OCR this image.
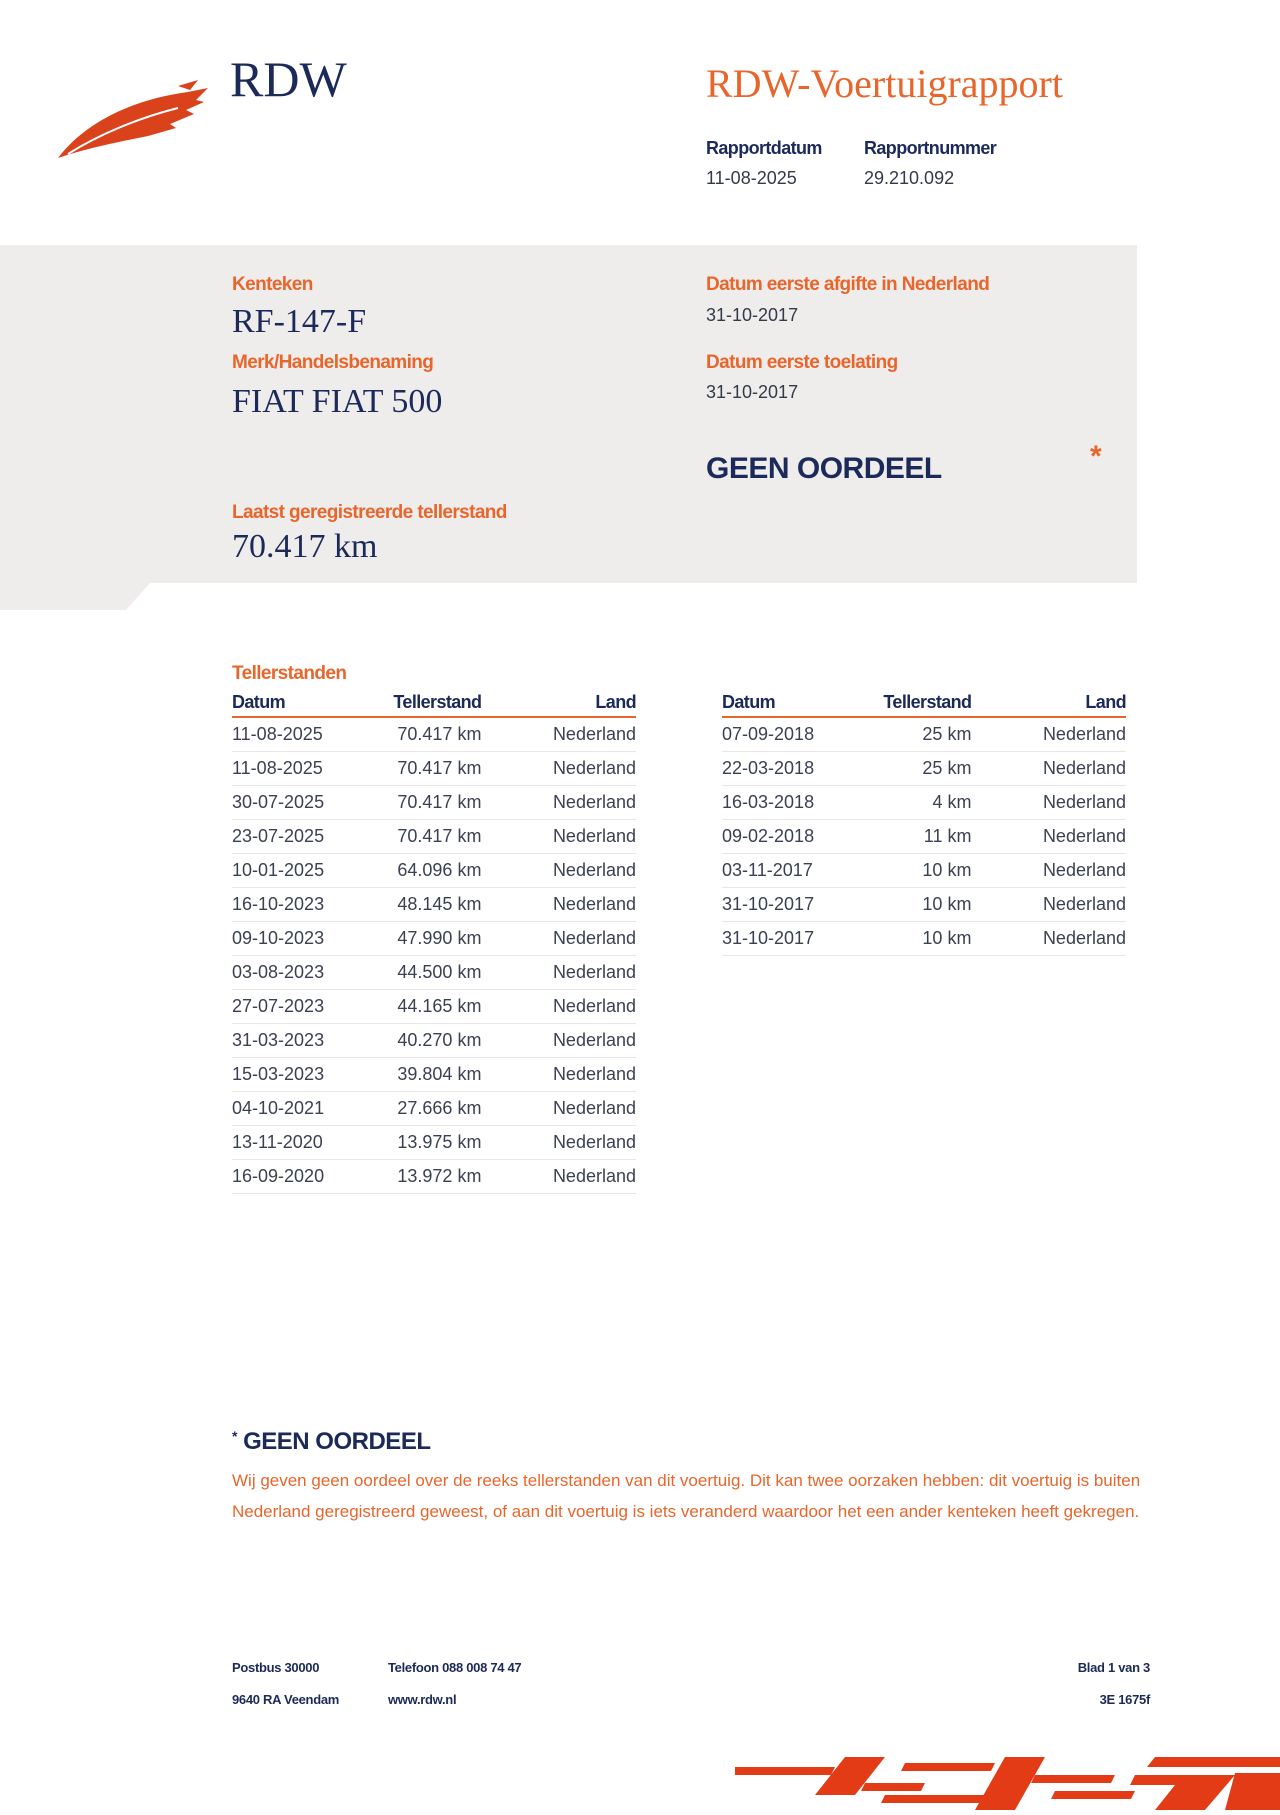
RDW	RDW-Voertuigrapport
Rapportdatum
11-08-2025
Rapportnummer
29.210.092
Kenteken
RF-147-F
Merk/Handelsbenaming
FIAT FIAT 500
Datum eerste afgifte in Nederland
31-10-2017
Datum eerste toelating
31-10-2017
GEEN OORDEEL	*
Laatst geregistreerde tellerstand
70.417 km
Tellerstanden
Datum	Tellerstand	Land
11-08-2025	70.417 km	Nederland
11-08-2025	70.417 km	Nederland
30-07-2025	70.417 km	Nederland
23-07-2025	70.417 km	Nederland
10-01-2025	64.096 km	Nederland
16-10-2023	48.145 km	Nederland
09-10-2023	47.990 km	Nederland
03-08-2023	44.500 km	Nederland
27-07-2023	44.165 km	Nederland
31-03-2023	40.270 km	Nederland
15-03-2023	39.804 km	Nederland
04-10-2021	27.666 km	Nederland
13-11-2020	13.975 km	Nederland
16-09-2020	13.972 km	Nederland
Datum	Tellerstand	Land
07-09-2018	25 km	Nederland
22-03-2018	25 km	Nederland
16-03-2018	4 km	Nederland
09-02-2018	11 km	Nederland
03-11-2017	10 km	Nederland
31-10-2017	10 km	Nederland
31-10-2017	10 km	Nederland
* GEEN OORDEEL
Wij geven geen oordeel over de reeks tellerstanden van dit voertuig. Dit kan twee oorzaken hebben: dit voertuig is buiten Nederland geregistreerd geweest, of aan dit voertuig is iets veranderd waardoor het een ander kenteken heeft gekregen.
Postbus 30000
9640 RA Veendam
Telefoon 088 008 74 47
www.rdw.nl
Blad 1 van 3
3E 1675f
